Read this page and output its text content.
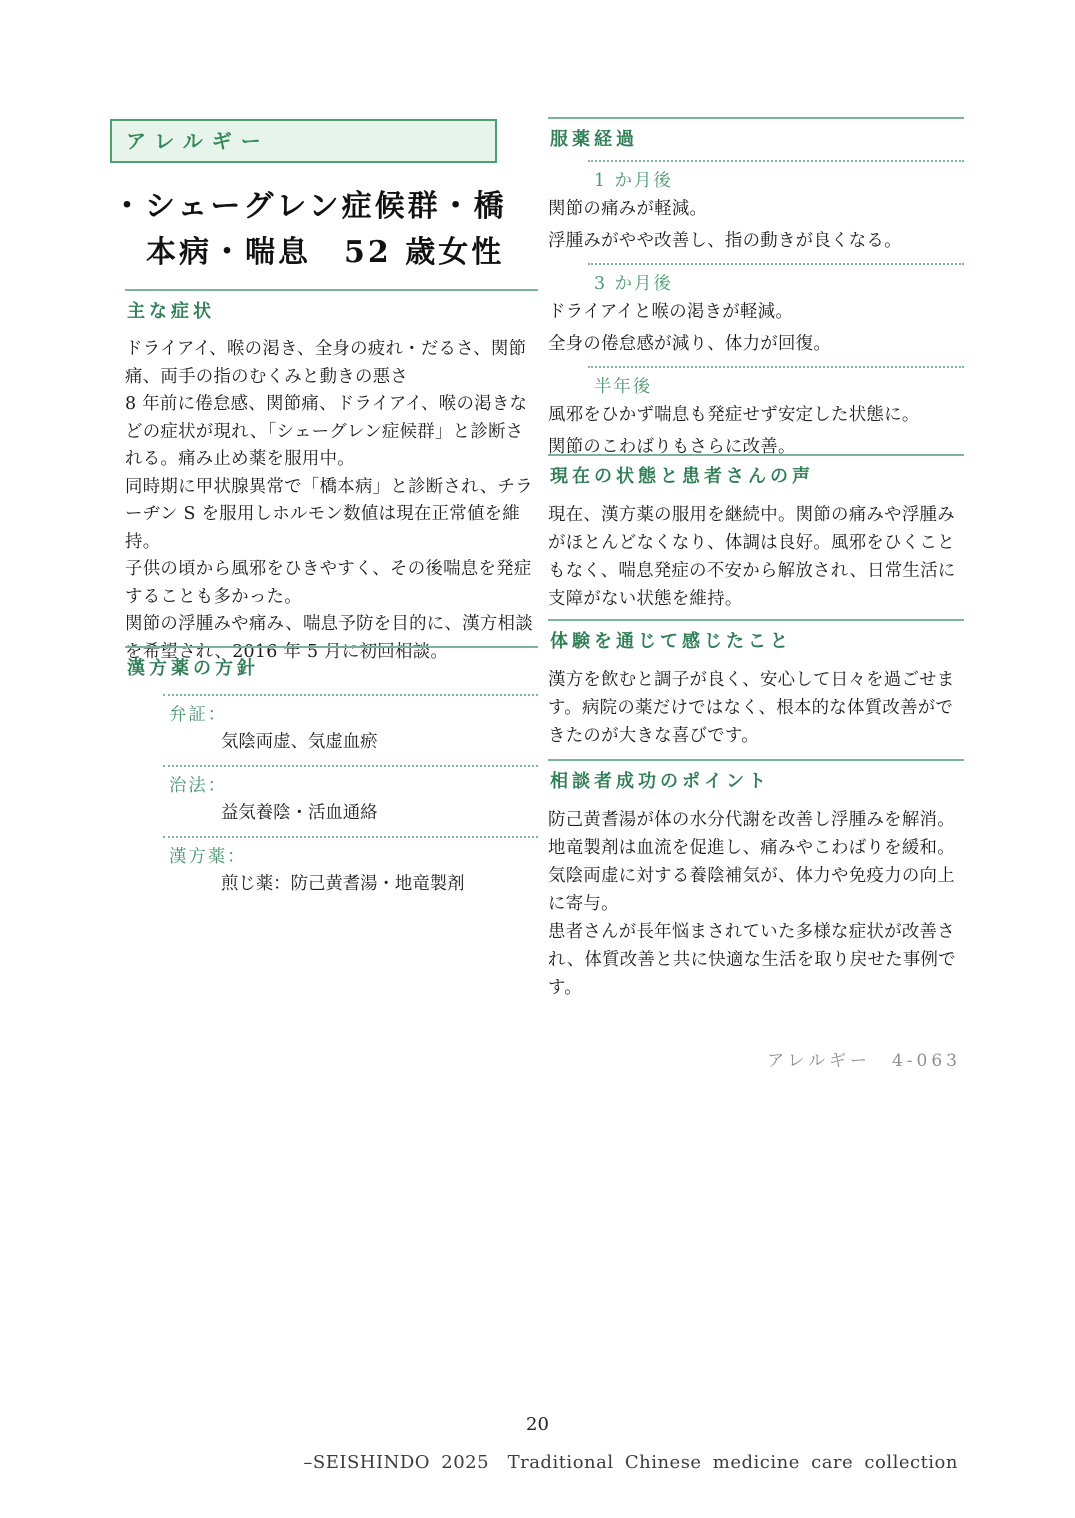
アレルギー
・シェーグレン症候群・橋
本病・喘息　52 歳女性
主な症状

ドライアイ、喉の渇き、全身の疲れ・だるさ、関節痛、両手の指のむくみと動きの悪さ

8 年前に倦怠感、関節痛、ドライアイ、喉の渇きなどの症状が現れ、「シェーグレン症候群」と診断される。痛み止め薬を服用中。

同時期に甲状腺異常で「橋本病」と診断され、チラーヂン S を服用しホルモン数値は現在正常値を維持。

子供の頃から風邪をひきやすく、その後喘息を発症することも多かった。

関節の浮腫みや痛み、喘息予防を目的に、漢方相談を希望され、2016 年 5 月に初回相談。

漢方薬の方針
弁証：
気陰両虚、気虚血瘀
治法：
益気養陰・活血通絡
漢方薬：
煎じ薬：防己黄耆湯・地竜製剤
服薬経過
1 か月後

関節の痛みが軽減。

浮腫みがやや改善し、指の動きが良くなる。

3 か月後

ドライアイと喉の渇きが軽減。

全身の倦怠感が減り、体力が回復。

半年後

風邪をひかず喘息も発症せず安定した状態に。

関節のこわばりもさらに改善。

現在の状態と患者さんの声

現在、漢方薬の服用を継続中。関節の痛みや浮腫みがほとんどなくなり、体調は良好。風邪をひくこともなく、喘息発症の不安から解放され、日常生活に支障がない状態を維持。

体験を通じて感じたこと

漢方を飲むと調子が良く、安心して日々を過ごせます。病院の薬だけではなく、根本的な体質改善ができたのが大きな喜びです。

相談者成功のポイント

防己黄耆湯が体の水分代謝を改善し浮腫みを解消。

地竜製剤は血流を促進し、痛みやこわばりを緩和。

気陰両虚に対する養陰補気が、体力や免疫力の向上に寄与。

患者さんが長年悩まされていた多様な症状が改善され、体質改善と共に快適な生活を取り戻せた事例です。

アレルギー　4-063
20
–SEISHINDO 2025　Traditional Chinese medicine care collection
